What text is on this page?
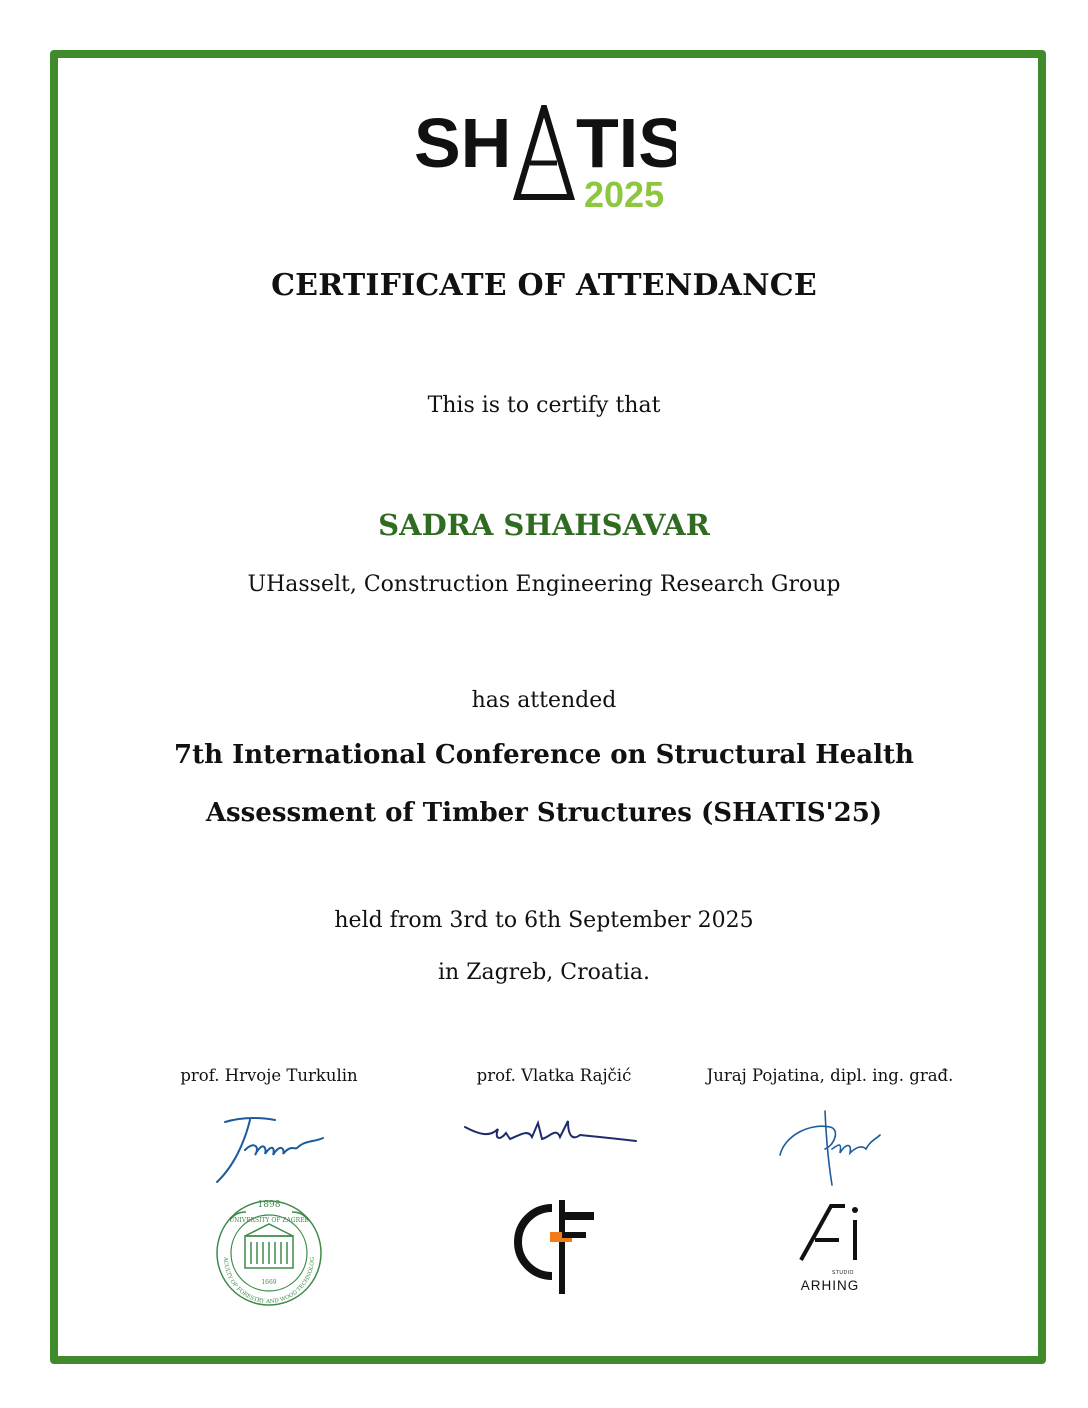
SH TIS
2025
CERTIFICATE OF ATTENDANCE
This is to certify that
SADRA SHAHSAVAR
UHasselt, Construction Engineering Research Group
has attended
7th International Conference on Structural Health
Assessment of Timber Structures (SHATIS'25)
held from 3rd to 6th September 2025
in Zagreb, Croatia.
prof. Hrvoje Turkulin	prof. Vlatka Rajčić	Juraj Pojatina, dipl. ing. građ.
1898
1669
UNIVERSITY OF ZAGREB
ACULTY OF FORESTRY AND WOOD TECHNOLOG
STUDIO
ARHING
